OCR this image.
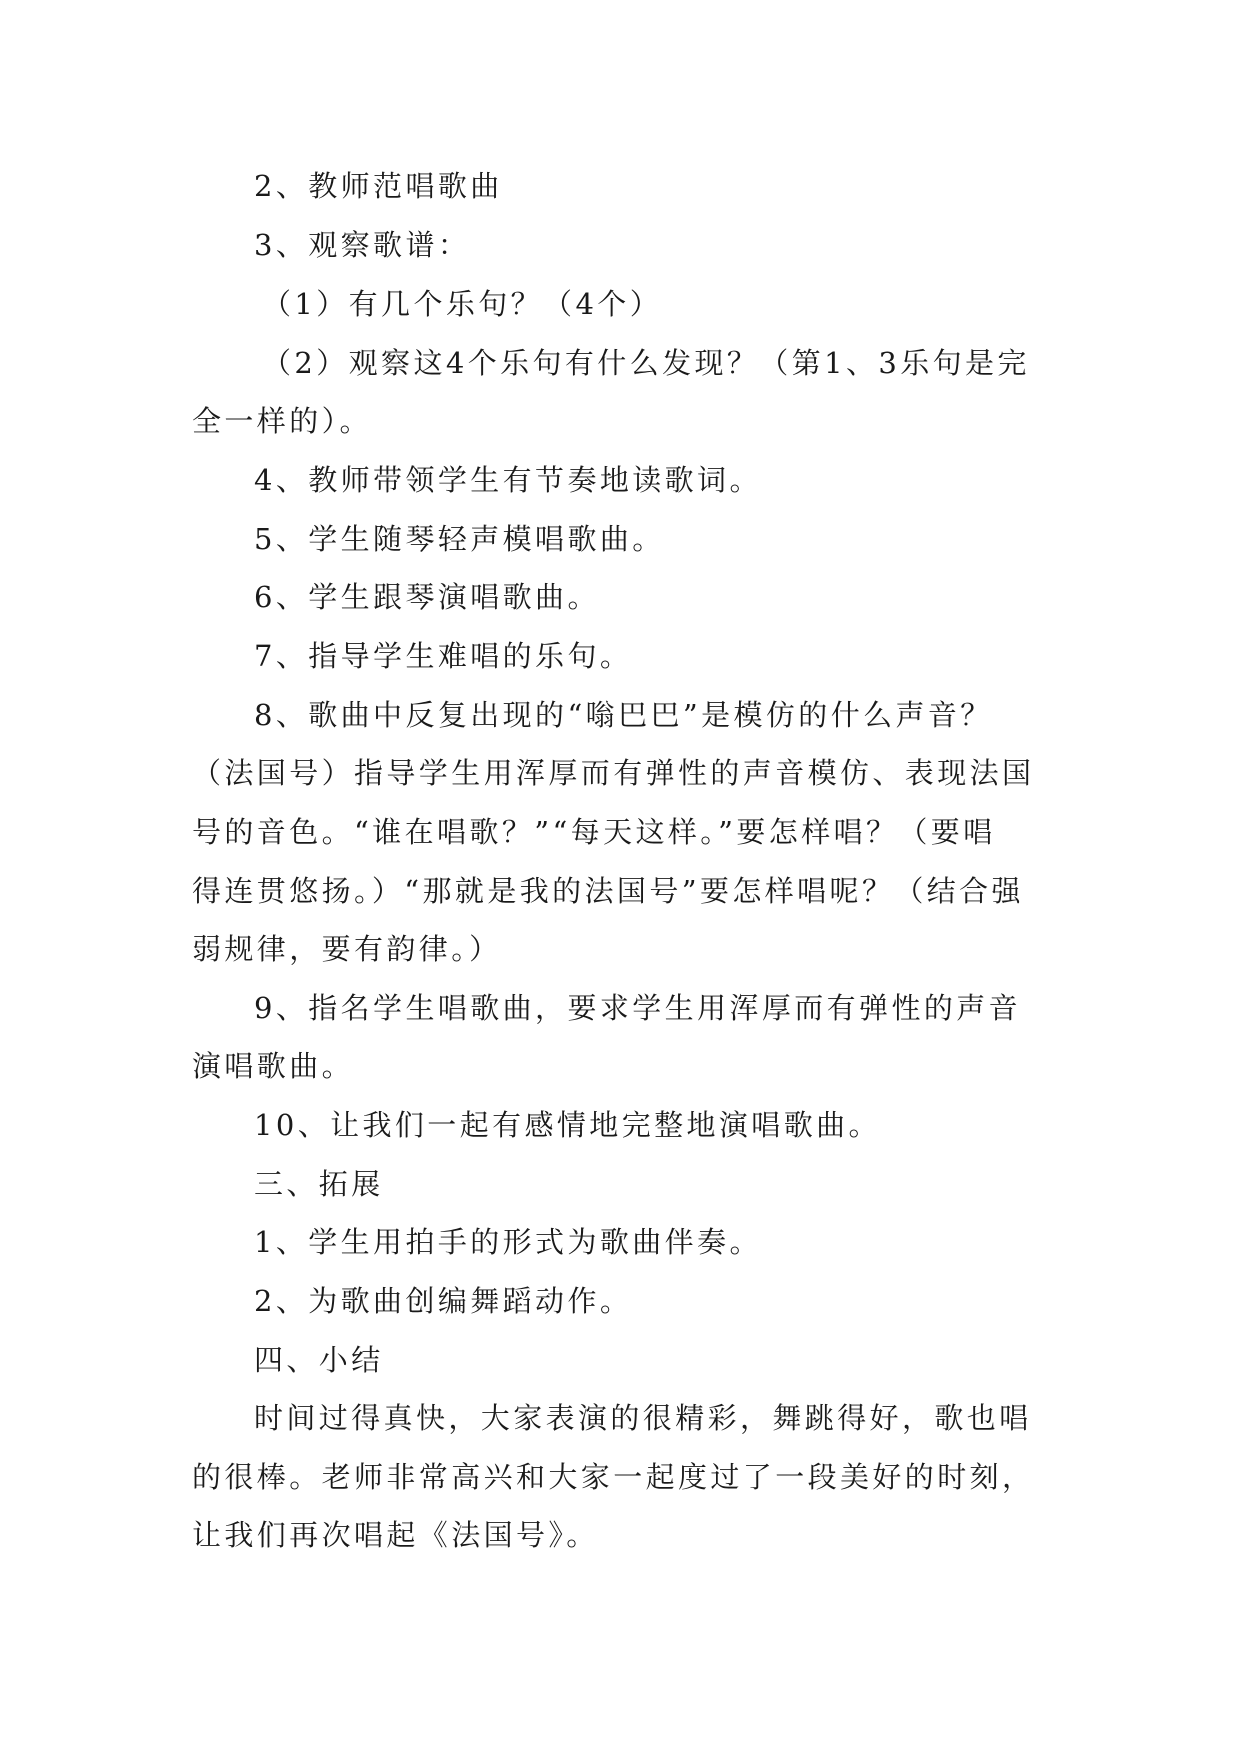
2、教师范唱歌曲
3、观察歌谱：
（1）有几个乐句？（4个）
（2）观察这4个乐句有什么发现？（第1、3乐句是完
全一样的）。
4、教师带领学生有节奏地读歌词。
5、学生随琴轻声模唱歌曲。
6、学生跟琴演唱歌曲。
7、指导学生难唱的乐句。
8、歌曲中反复出现的“嗡巴巴”是模仿的什么声音？
（法国号）指导学生用浑厚而有弹性的声音模仿、表现法国
号的音色。“谁在唱歌？”“每天这样。”要怎样唱？（要唱
得连贯悠扬。）“那就是我的法国号”要怎样唱呢？（结合强
弱规律，要有韵律。）
9、指名学生唱歌曲，要求学生用浑厚而有弹性的声音
演唱歌曲。
10、让我们一起有感情地完整地演唱歌曲。
三、拓展
1、学生用拍手的形式为歌曲伴奏。
2、为歌曲创编舞蹈动作。
四、小结
时间过得真快，大家表演的很精彩，舞跳得好，歌也唱
的很棒。老师非常高兴和大家一起度过了一段美好的时刻，
让我们再次唱起《法国号》。
